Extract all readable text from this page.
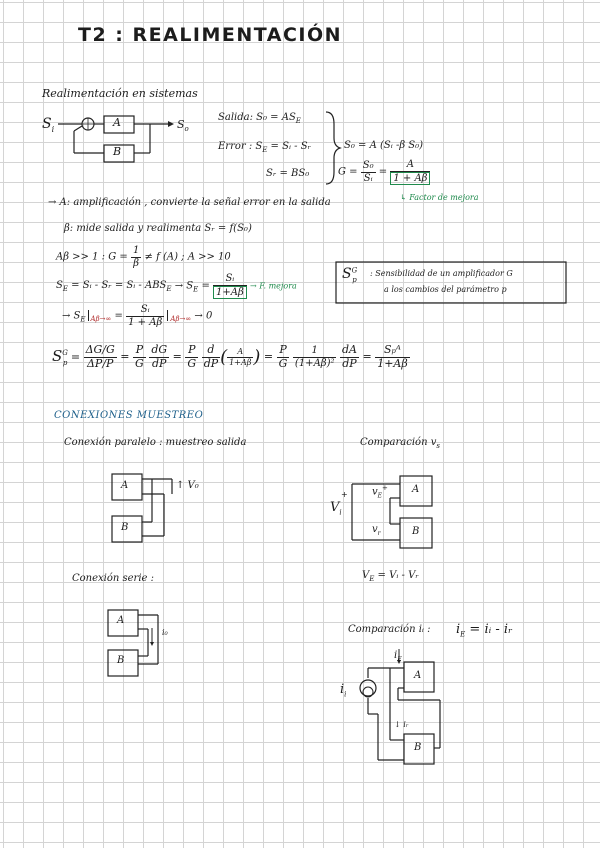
T2 : REALIMENTACIÓN
Realimentación en sistemas
$S_i$
A
B
$S_o$
Salida: $S_0 = AS_E$
Error : $S_E$ = Sᵢ - Sᵣ
Sᵣ = BS₀
S₀ = A (Sᵢ -β S₀)
$G = \frac{\text{S₀}}{\text{Sᵢ}} = \frac{A}{1 + A\beta}$
↳ Factor de mejora
→ A: amplificación , convierte la señal error en la salida
β: mide salida y realimenta Sᵣ = f(S₀)
Aβ >> 1 : $G = \frac{1}{\beta} \ne f$ (A) ; A >> 10
$S_E$ = Sᵢ - Sᵣ = Sᵢ - $ABS_E \to S_E = \frac{\text{Sᵢ}}{1+A\beta} \to F$. mejora
→ $S_E$ $_{A\beta\to\infty} = \frac{\text{Sᵢ}}{1 + A\beta} _{A\beta\to\infty} \to 0$
$S^G_p$
: Sensibilidad de un amplificador G
a los cambios del parámetro p
$S^G_p = \frac{\Delta G/G}{\Delta P/P} = \frac{P}{G}$
$\frac{dG}{dP} = \frac{P}{G}$
$\frac{d}{dP}$ ( $\frac{A}{1+A\beta}$ ) = $\frac{P}{G}$
$\frac{1}{\text{(1+Aβ)²}}$
$\frac{dA}{dP} = \frac{\text{Sₚᴬ}}{1+A\beta}$
CONEXIONES MUESTREO
Conexión paralelo : muestreo salida	Comparación $v_s$
A
B
↑ V₀	A
B
$v_E^+$
$v_r$
$V_i$
+
Conexión serie :	$V_E$ = Vᵢ - Vᵣ
A
B
i₀	Comparación iᵢ : $i_E$ = iᵢ - iᵣ
A
B
$i_E$
$i_i$
↓ iᵣ
